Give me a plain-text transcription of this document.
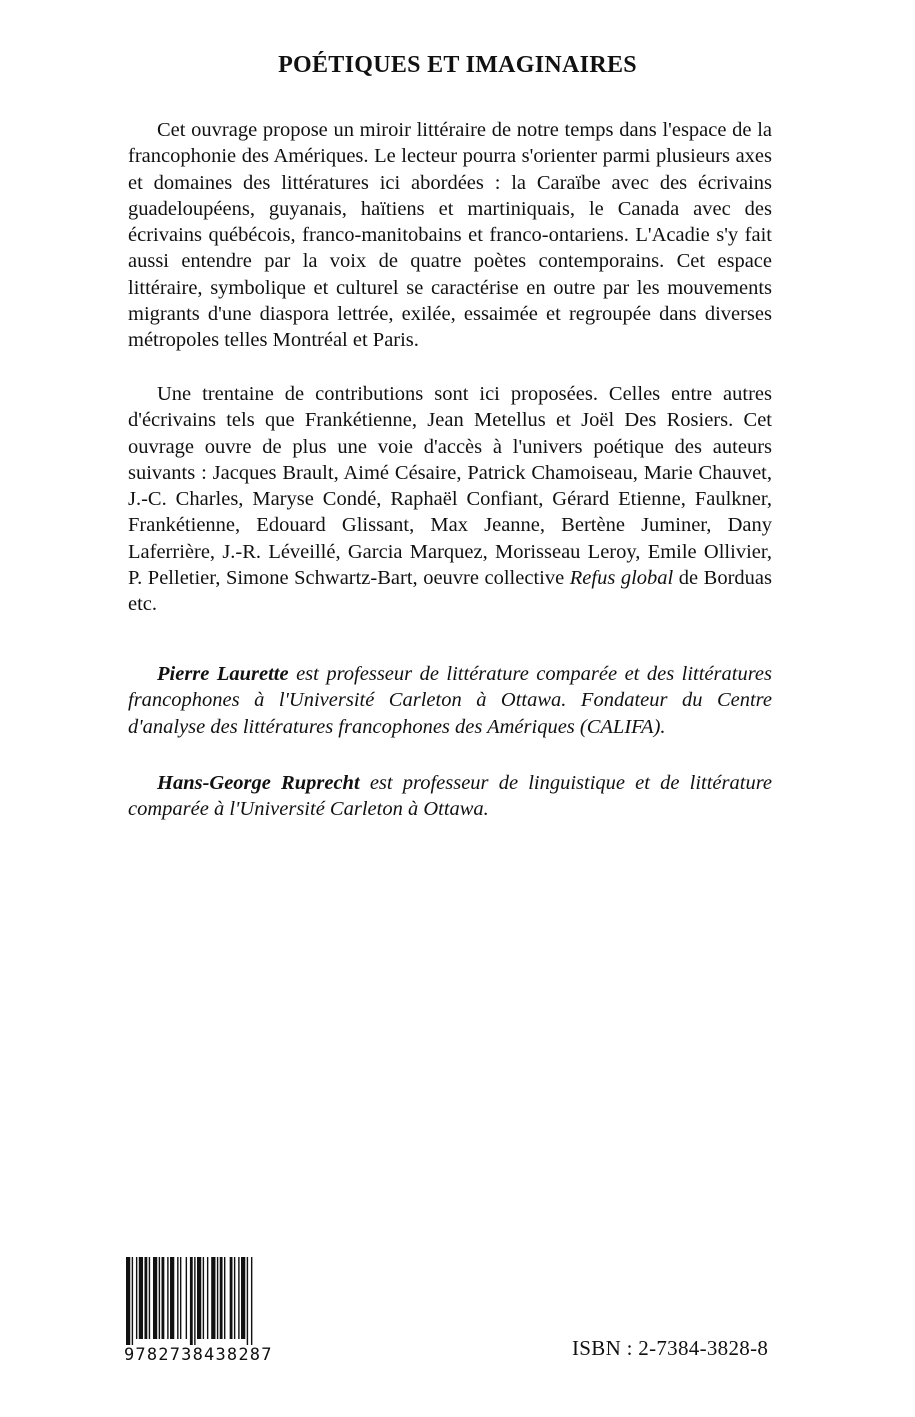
POÉTIQUES ET IMAGINAIRES

Cet ouvrage propose un miroir littéraire de notre temps dans l'espace de la francophonie des Amériques. Le lecteur pourra s'orienter parmi plusieurs axes et domaines des littératures ici abordées : la Caraïbe avec des écrivains guadeloupéens, guyanais, haïtiens et martiniquais, le Canada avec des écrivains québécois, franco-manitobains et franco-ontariens. L'Acadie s'y fait aussi entendre par la voix de quatre poètes contemporains. Cet espace littéraire, symbolique et culturel se caractérise en outre par les mouvements migrants d'une diaspora lettrée, exilée, essaimée et regroupée dans diverses métropoles telles Montréal et Paris.

Une trentaine de contributions sont ici proposées. Celles entre autres d'écrivains tels que Frankétienne, Jean Metellus et Joël Des Rosiers. Cet ouvrage ouvre de plus une voie d'accès à l'univers poétique des auteurs suivants : Jacques Brault, Aimé Césaire, Patrick Chamoiseau, Marie Chauvet, J.-C. Charles, Maryse Condé, Raphaël Confiant, Gérard Etienne, Faulkner, Frankétienne, Edouard Glissant, Max Jeanne, Bertène Juminer, Dany Laferrière, J.-R. Léveillé, Garcia Marquez, Morisseau Leroy, Emile Ollivier, P. Pelletier, Simone Schwartz-Bart, oeuvre collective Refus global de Borduas etc.

Pierre Laurette est professeur de littérature comparée et des littératures francophones à l'Université Carleton à Ottawa. Fondateur du Centre d'analyse des littératures francophones des Amériques (CALIFA).

Hans-George Ruprecht est professeur de linguistique et de littérature comparée à l'Université Carleton à Ottawa.

9782738438287	ISBN : 2-7384-3828-8
